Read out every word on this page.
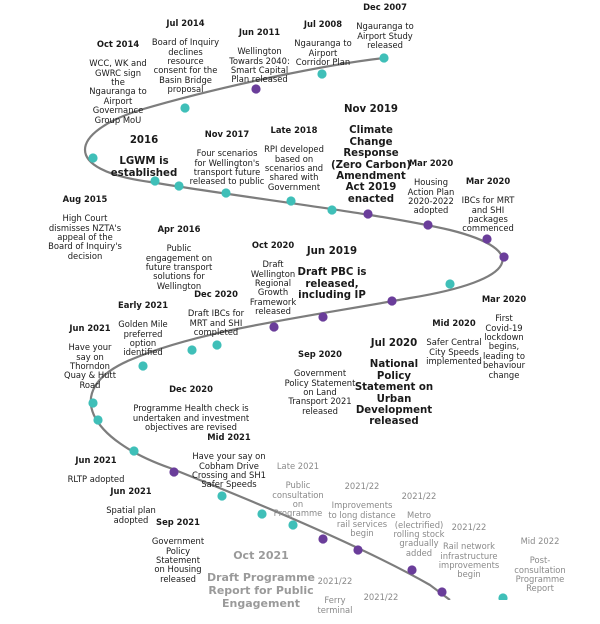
Dec 2007

Ngauranga to
Airport Study
released

Jul 2008

Ngauranga to
Airport
Corridor Plan

Jun 2011

Wellington
Towards 2040:
Smart Capital
Plan released

Jul 2014

Board of Inquiry
declines
resource
consent for the
Basin Bridge
proposal

Oct 2014

WCC, WK and
GWRC sign
the
Ngauranga to
Airport
Governance
Group MoU

Aug 2015

High Court
dismisses NZTA's
appeal of the
Board of Inquiry's
decision

2016

LGWM is
established

Apr 2016

Public
engagement on
future transport
solutions for
Wellington

Nov 2017

Four scenarios
for Wellington's
transport future
released to public

Late 2018

RPI developed
based on
scenarios and
shared with
Government

Jun 2019

Draft PBC is
released,
including IP

Nov 2019

Climate
Change
Response
(Zero Carbon)
Amendment
Act 2019
enacted

Mar 2020

Housing
Action Plan
2020-2022
adopted

Mar 2020

IBCs for MRT
and SHI
packages
commenced

Mar 2020

First
Covid-19
lockdown
begins,
leading to
behaviour
change

Mid 2020

Safer Central
City Speeds
implemented

Jul 2020

National
Policy
Statement on
Urban
Development
released

Oct 2020

Draft
Wellington
Regional
Growth
Framework
released

Sep 2020

Government
Policy Statement
on Land
Transport 2021
released

Dec 2020

Draft IBCs for
MRT and SHI
completed

Dec 2020

Programme Health check is
undertaken and investment
objectives are revised

Early 2021

Golden Mile
preferred
option
identified

Jun 2021

Have your
say on
Thorndon
Quay & Hutt
Road

Jun 2021

RLTP adopted

Jun 2021

Spatial plan
adopted

Mid 2021

Have your say on
Cobham Drive
Crossing and SH1
Safer Speeds

Sep 2021

Government
Policy
Statement
on Housing
released

Late 2021

Public
consultation
on
Programme

Oct 2021

Draft Programme
Report for Public
Engagement

2021/22

Improvements
to long distance
rail services
begin

2021/22

Metro
(electrified)
rolling stock
gradually
added

2021/22

Rail network
infrastructure
improvements
begin

2021/22

Ferry
terminal

2021/22

Mid 2022

Post-
consultation
Programme
Report
